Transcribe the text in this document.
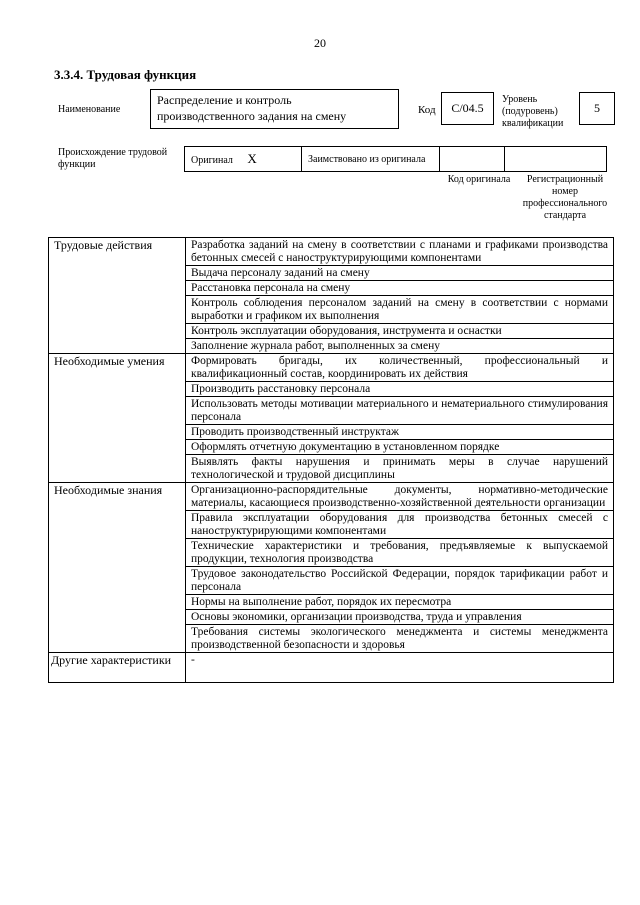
20
3.3.4. Трудовая функция
Наименование
Распределение и контроль производственного задания на смену	Код	С/04.5
Уровень (подуровень) квалификации
5
Происхождение трудовой функции	Оригинал X	Заимствовано из оригинала		
Код оригинала	Регистрационный номер профессионального стандарта
Трудовые действия	Разработка заданий на смену в соответствии с планами и графиками производства бетонных смесей с наноструктурирующими компонентами
	Выдача персоналу заданий на смену
	Расстановка персонала на смену
	Контроль соблюдения персоналом заданий на смену в соответствии с нормами выработки и графиком их выполнения
	Контроль эксплуатации оборудования, инструмента и оснастки
	Заполнение журнала работ, выполненных за смену
Необходимые умения	Формировать бригады, их количественный, профессиональный и квалификационный состав, координировать их действия
	Производить расстановку персонала
	Использовать методы мотивации материального и нематериального стимулирования персонала
	Проводить производственный инструктаж
	Оформлять отчетную документацию в установленном порядке
	Выявлять факты нарушения и принимать меры в случае нарушений технологической и трудовой дисциплины
Необходимые знания	Организационно-распорядительные документы, нормативно-методические материалы, касающиеся производственно-хозяйственной деятельности организации
	Правила эксплуатации оборудования для производства бетонных смесей с наноструктурирующими компонентами
	Технические характеристики и требования, предъявляемые к выпускаемой продукции, технология производства
	Трудовое законодательство Российской Федерации, порядок тарификации работ и персонала
	Нормы на выполнение работ, порядок их пересмотра
	Основы экономики, организации производства, труда и управления
	Требования системы экологического менеджмента и системы менеджмента производственной безопасности и здоровья
Другие характеристики	-
